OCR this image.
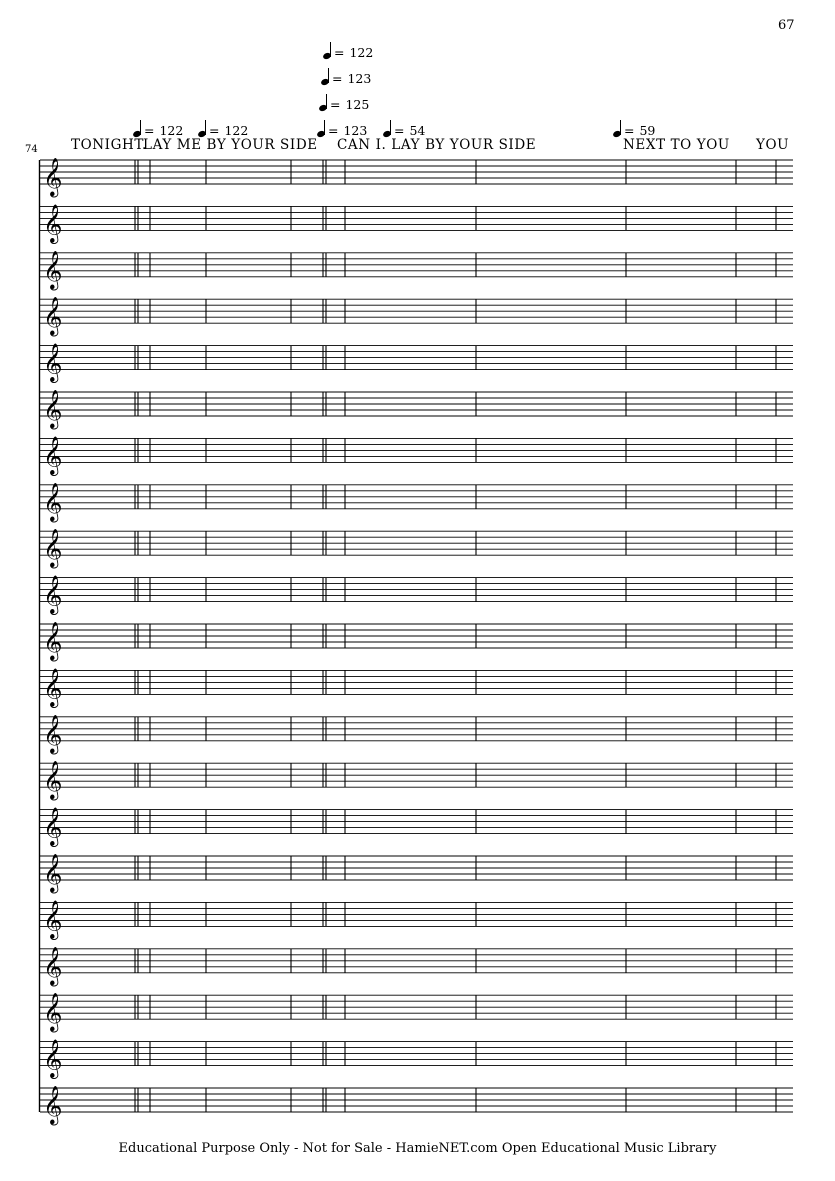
67
74
= 122	= 122
= 122
= 123
= 125
= 123	= 54	= 59
TONIGHT.
LAY ME BY YOUR SIDE CAN I. LAY BY YOUR SIDE	NEXT TO YOU YOU
𝄞
𝄞
𝄞
𝄞
𝄞
𝄞
𝄞
𝄞
𝄞
𝄞
𝄞
𝄞
𝄞
𝄞
𝄞
𝄞
𝄞
𝄞
𝄞
𝄞
𝄞
Educational Purpose Only - Not for Sale - HamieNET.com Open Educational Music Library
